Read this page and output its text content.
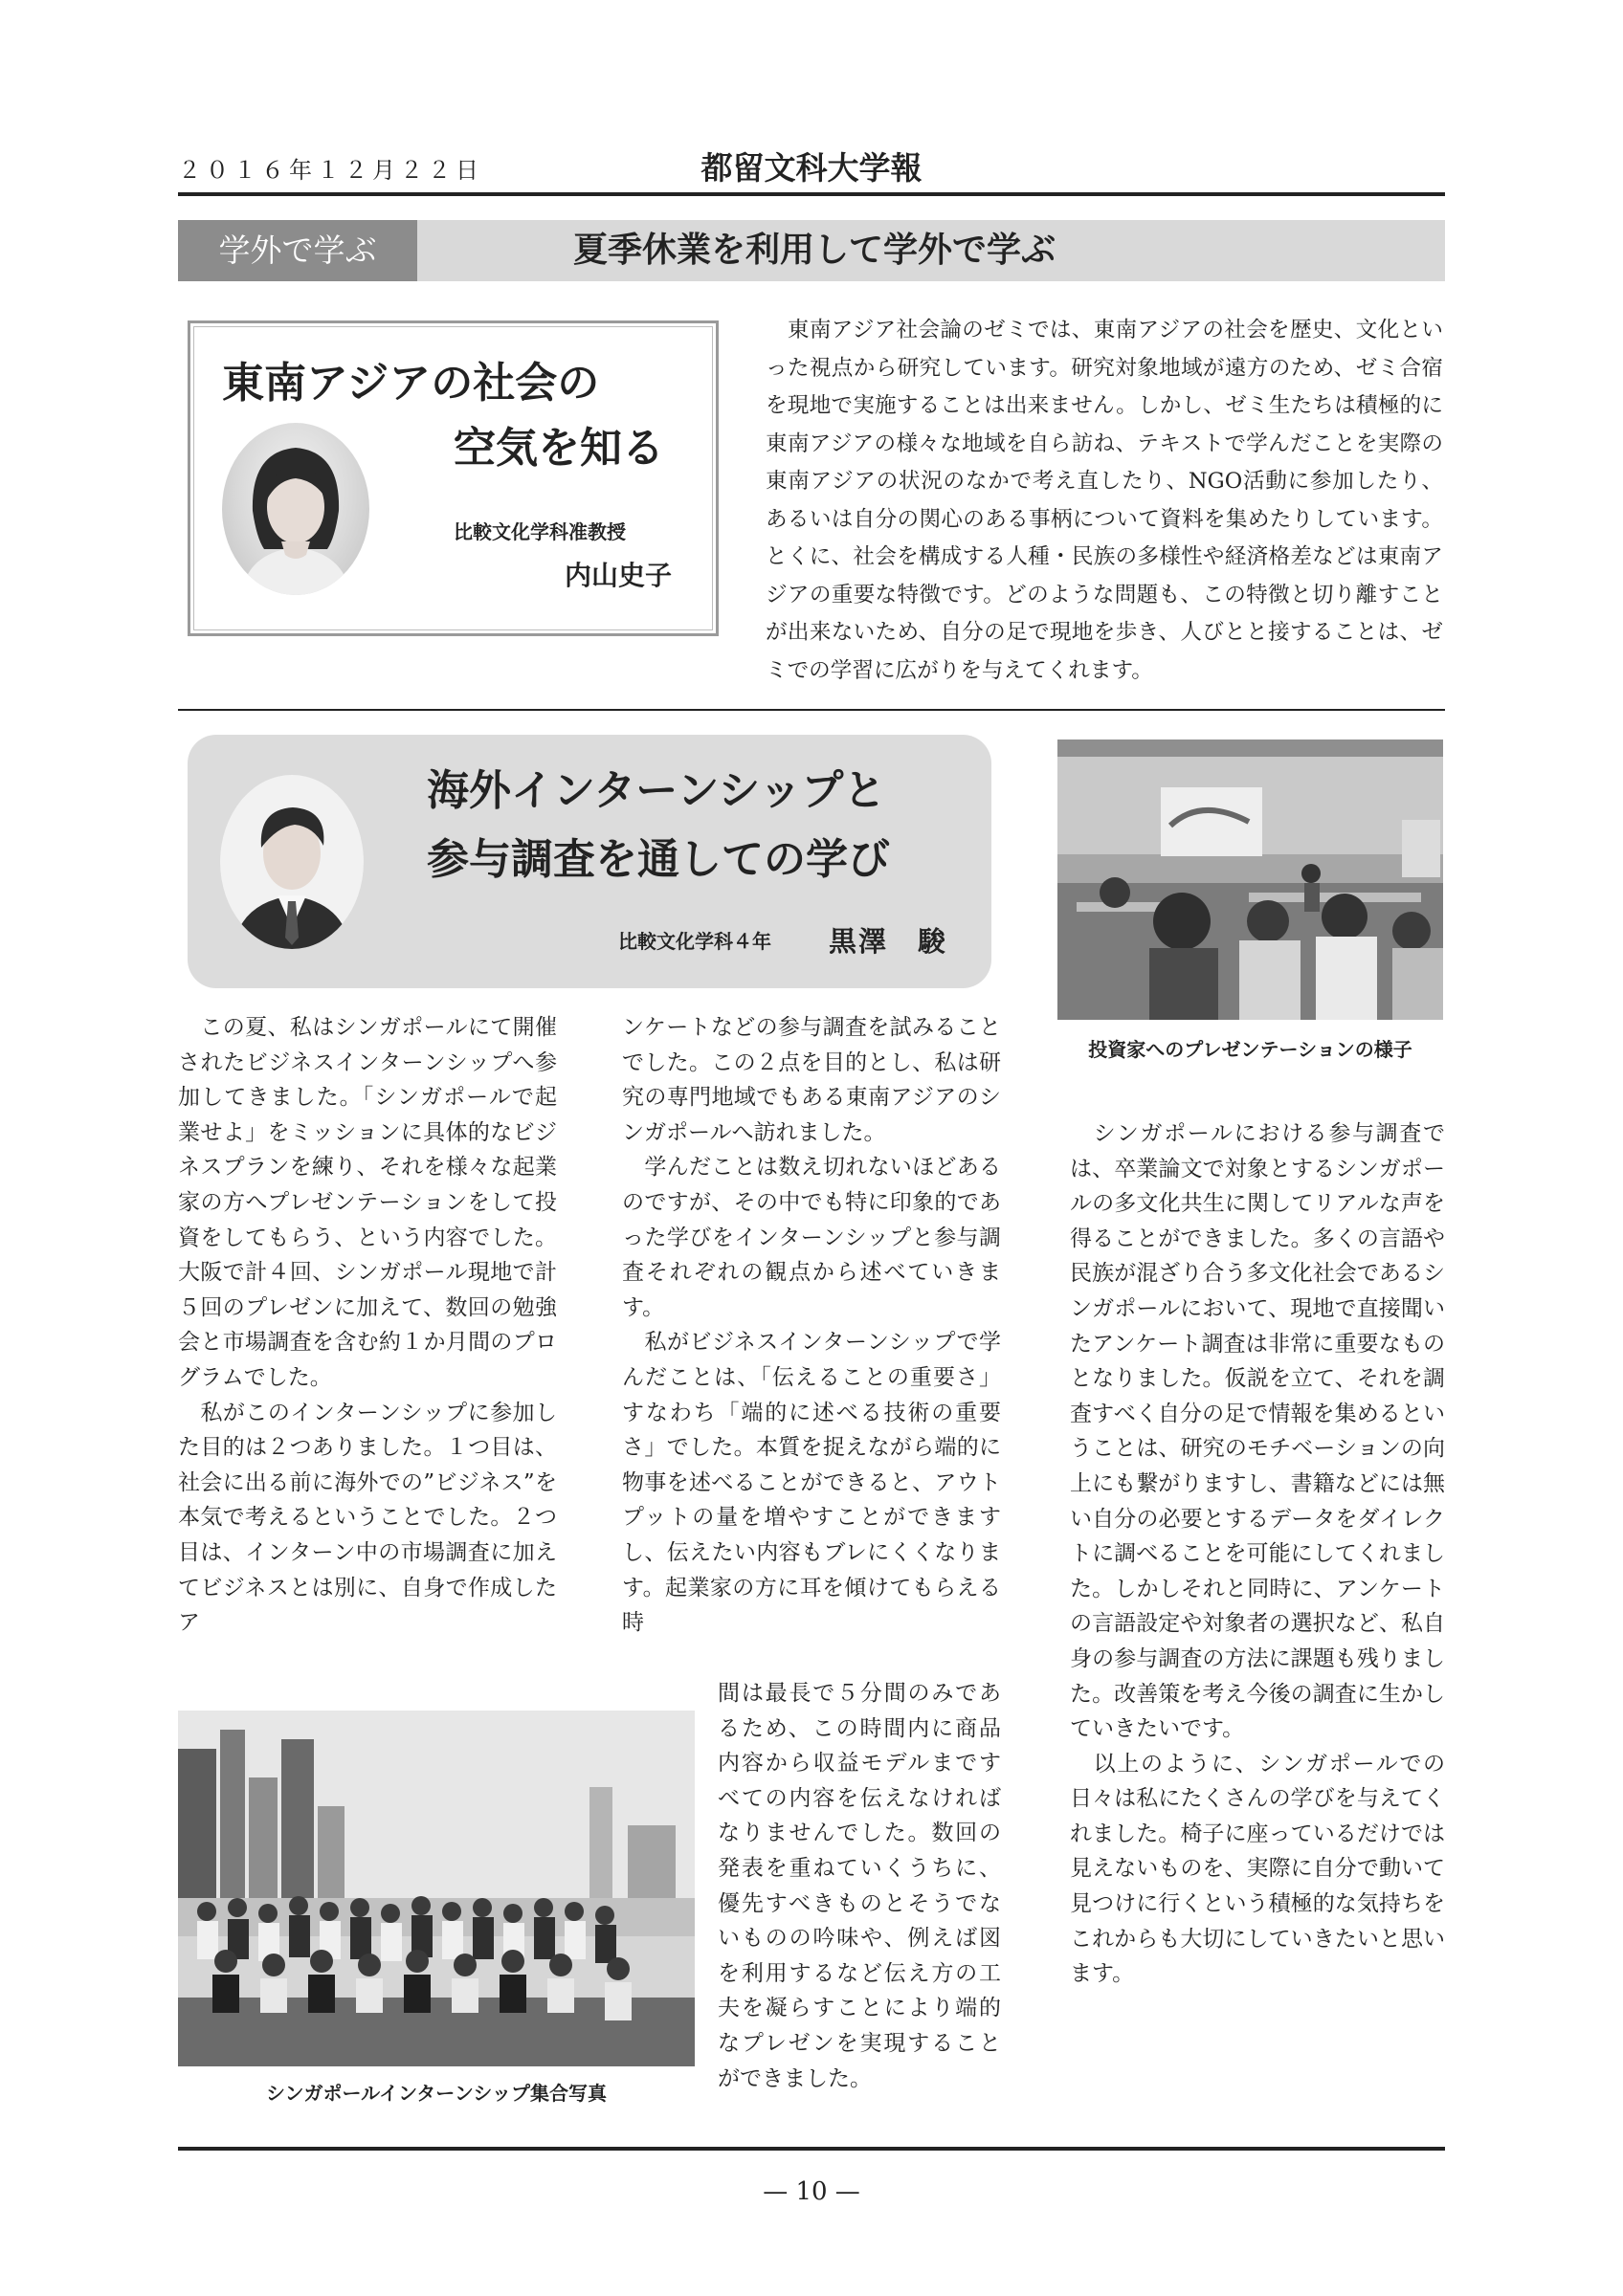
２０１６年１２月２２日	都留文科大学報
学外で学ぶ	夏季休業を利用して学外で学ぶ
東南アジアの社会の
空気を知る
比較文化学科准教授
内山史子
　東南アジア社会論のゼミでは、東南アジアの社会を歴史、文化といった視点から研究しています。研究対象地域が遠方のため、ゼミ合宿を現地で実施することは出来ません。しかし、ゼミ生たちは積極的に東南アジアの様々な地域を自ら訪ね、テキストで学んだことを実際の東南アジアの状況のなかで考え直したり、NGO活動に参加したり、あるいは自分の関心のある事柄について資料を集めたりしています。とくに、社会を構成する人種・民族の多様性や経済格差などは東南アジアの重要な特徴です。どのような問題も、この特徴と切り離すことが出来ないため、自分の足で現地を歩き、人びとと接することは、ゼミでの学習に広がりを与えてくれます。
海外インターンシップと
参与調査を通しての学び
比較文化学科４年 黒澤　駿
投資家へのプレゼンテーションの様子

　この夏、私はシンガポールにて開催されたビジネスインターンシップへ参加してきました。「シンガポールで起業せよ」をミッションに具体的なビジネスプランを練り、それを様々な起業家の方へプレゼンテーションをして投資をしてもらう、という内容でした。大阪で計４回、シンガポール現地で計５回のプレゼンに加えて、数回の勉強会と市場調査を含む約１か月間のプログラムでした。
　私がこのインターンシップに参加した目的は２つありました。１つ目は、社会に出る前に海外での”ビジネス”を本気で考えるということでした。２つ目は、インターン中の市場調査に加えてビジネスとは別に、自身で作成したア

ンケートなどの参与調査を試みることでした。この２点を目的とし、私は研究の専門地域でもある東南アジアのシンガポールへ訪れました。
　学んだことは数え切れないほどあるのですが、その中でも特に印象的であった学びをインターンシップと参与調査それぞれの観点から述べていきます。
　私がビジネスインターンシップで学んだことは、「伝えることの重要さ」すなわち「端的に述べる技術の重要さ」でした。本質を捉えながら端的に物事を述べることができると、アウトプットの量を増やすことができますし、伝えたい内容もブレにくくなります。起業家の方に耳を傾けてもらえる時

間は最長で５分間のみであるため、この時間内に商品内容から収益モデルまですべての内容を伝えなければなりませんでした。数回の発表を重ねていくうちに、優先すべきものとそうでないものの吟味や、例えば図を利用するなど伝え方の工夫を凝らすことにより端的なプレゼンを実現することができました。

　シンガポールにおける参与調査では、卒業論文で対象とするシンガポールの多文化共生に関してリアルな声を得ることができました。多くの言語や民族が混ざり合う多文化社会であるシンガポールにおいて、現地で直接聞いたアンケート調査は非常に重要なものとなりました。仮説を立て、それを調査すべく自分の足で情報を集めるということは、研究のモチベーションの向上にも繋がりますし、書籍などには無い自分の必要とするデータをダイレクトに調べることを可能にしてくれました。しかしそれと同時に、アンケートの言語設定や対象者の選択など、私自身の参与調査の方法に課題も残りました。改善策を考え今後の調査に生かしていきたいです。
　以上のように、シンガポールでの日々は私にたくさんの学びを与えてくれました。椅子に座っているだけでは見えないものを、実際に自分で動いて見つけに行くという積極的な気持ちをこれからも大切にしていきたいと思います。

シンガポールインターンシップ集合写真
— 10 —
